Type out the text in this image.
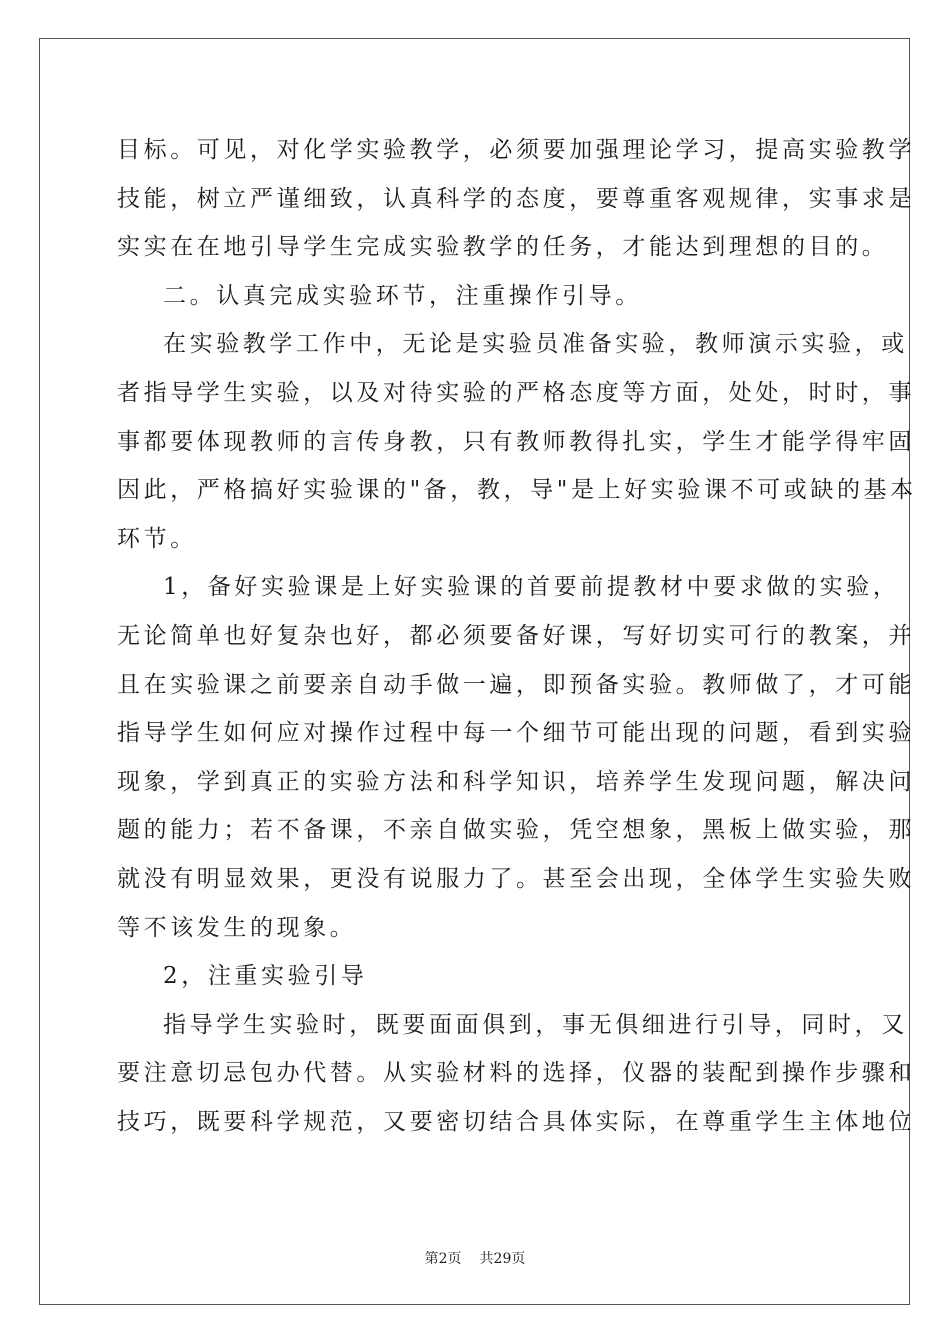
目标。可见，对化学实验教学，必须要加强理论学习，提高实验教学
技能，树立严谨细致，认真科学的态度，要尊重客观规律，实事求是
实实在在地引导学生完成实验教学的任务，才能达到理想的目的。
二。认真完成实验环节，注重操作引导。
在实验教学工作中，无论是实验员准备实验，教师演示实验，或
者指导学生实验，以及对待实验的严格态度等方面，处处，时时，事
事都要体现教师的言传身教，只有教师教得扎实，学生才能学得牢固
因此，严格搞好实验课的"备，教，导"是上好实验课不可或缺的基本
环节。
1，备好实验课是上好实验课的首要前提教材中要求做的实验，
无论简单也好复杂也好，都必须要备好课，写好切实可行的教案，并
且在实验课之前要亲自动手做一遍，即预备实验。教师做了，才可能
指导学生如何应对操作过程中每一个细节可能出现的问题，看到实验
现象，学到真正的实验方法和科学知识，培养学生发现问题，解决问
题的能力；若不备课，不亲自做实验，凭空想象，黑板上做实验，那
就没有明显效果，更没有说服力了。甚至会出现，全体学生实验失败
等不该发生的现象。
2，注重实验引导
指导学生实验时，既要面面俱到，事无俱细进行引导，同时，又
要注意切忌包办代替。从实验材料的选择，仪器的装配到操作步骤和
技巧，既要科学规范，又要密切结合具体实际，在尊重学生主体地位
第2页 共29页
